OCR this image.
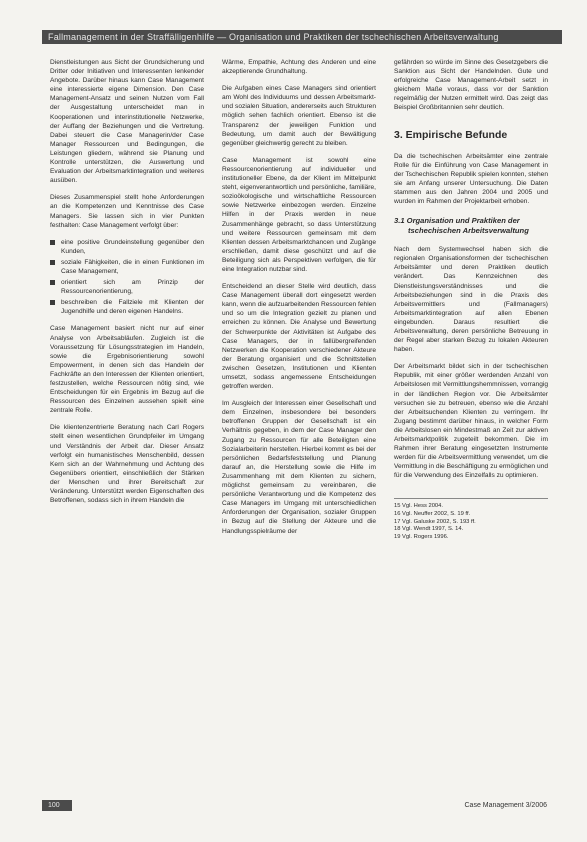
Fallmanagement in der Straffälligenhilfe — Organisation und Praktiken der tschechischen Arbeitsverwaltung

Dienstleistungen aus Sicht der Grundsicherung und Dritter oder Initiativen und Interessenten lenkender Angebote. Darüber hinaus kann Case Management eine interessierte eigene Dimension. Den Case Management-Ansatz und seinen Nutzen vom Fall der Ausgestaltung unterscheidet man in Kooperationen und interinstitutionelle Netzwerke, der Auffang der Beziehungen und die Vertretung. Dabei steuert die Case Managerin/der Case Manager Ressourcen und Bedingungen, die Leistungen gliedern, während sie Planung und Kontrolle unterstützen, die Auswertung und Evaluation der Arbeitsmarktintegration und weiteres ausüben.

Dieses Zusammenspiel stellt hohe Anforderungen an die Kompetenzen und Kenntnisse des Case Managers. Sie lassen sich in vier Punkten festhalten: Case Management verfolgt über:

eine positive Grundeinstellung gegenüber den Kunden,
soziale Fähigkeiten, die in einen Funktionen im Case Management,
orientiert sich am Prinzip der Ressourcenorientierung,
beschreiben die Fallziele mit Klienten der Jugendhilfe und deren eigenen Handelns.

Case Management basiert nicht nur auf einer Analyse von Arbeitsabläufen. Zugleich ist die Voraussetzung für Lösungsstrategien im Handeln, sowie die Ergebnisorientierung sowohl Empowerment, in denen sich das Handeln der Fachkräfte an den Interessen der Klienten orientiert, festzustellen, welche Ressourcen nötig sind, wie Entscheidungen für ein Ergebnis im Bezug auf die Ressourcen des Einzelnen aussehen spielt eine zentrale Rolle.

Die klientenzentrierte Beratung nach Carl Rogers stellt einen wesentlichen Grundpfeiler im Umgang und Verständnis der Arbeit dar. Dieser Ansatz verfolgt ein humanistisches Menschenbild, dessen Kern sich an der Wahrnehmung und Achtung des Gegenübers orientiert, einschließlich der Stärken der Menschen und ihrer Bereitschaft zur Veränderung. Unterstützt werden Eigenschaften des Betroffenen, sodass sich in ihrem Handeln die

Wärme, Empathie, Achtung des Anderen und eine akzeptierende Grundhaltung.

Die Aufgaben eines Case Managers sind orientiert am Wohl des Individuums und dessen Arbeitsmarkt- und sozialen Situation, andererseits auch Strukturen möglich sehen fachlich orientiert. Ebenso ist die Transparenz der jeweiligen Funktion und Bedeutung, um damit auch der Bewältigung gegenüber gleichwertig gerecht zu bleiben.

Case Management ist sowohl eine Ressourcenorientierung auf individueller und institutioneller Ebene, da der Klient im Mittelpunkt steht, eigenverantwortlich und persönliche, familiäre, sozioökologische und wirtschaftliche Ressourcen sowie Netzwerke einbezogen werden. Einzelne Hilfen in der Praxis werden in neue Zusammenhänge gebracht, so dass Unterstützung und weitere Ressourcen gemeinsam mit dem Klienten dessen Arbeitsmarktchancen und Zugänge erschließen, damit diese geschützt und auf die Beteiligung sich als Perspektiven verfolgen, die für eine Integration nutzbar sind.

Entscheidend an dieser Stelle wird deutlich, dass Case Management überall dort eingesetzt werden kann, wenn die aufzuarbeitenden Ressourcen fehlen und so um die Integration gezielt zu planen und erreichen zu können. Die Analyse und Bewertung der Schwerpunkte der Aktivitäten ist Aufgabe des Case Managers, der in fallübergreifenden Netzwerken die Kooperation verschiedener Akteure der Beratung organisiert und die Schnittstellen zwischen Gesetzen, Institutionen und Klienten umsetzt, sodass angemessene Entscheidungen getroffen werden.

Im Ausgleich der Interessen einer Gesellschaft und dem Einzelnen, insbesondere bei besonders betroffenen Gruppen der Gesellschaft ist ein Verhältnis gegeben, in dem der Case Manager den Zugang zu Ressourcen für alle Beteiligten eine Sozialarbeiterin herstellen. Hierbei kommt es bei der persönlichen Bedarfsfeststellung und Planung darauf an, die Herstellung sowie die Hilfe im Zusammenhang mit dem Klienten zu sichern, möglichst gemeinsam zu vereinbaren, die persönliche Verantwortung und die Kompetenz des Case Managers im Umgang mit unterschiedlichen Anforderungen der Organisation, sozialer Gruppen in Bezug auf die Stellung der Akteure und die Handlungsspielräume der

gefährden so würde im Sinne des Gesetzgebers die Sanktion aus Sicht der Handelnden. Gute und erfolgreiche Case Management-Arbeit setzt in gleichem Maße voraus, dass vor der Sanktion regelmäßig der Nutzen ermittelt wird. Das zeigt das Beispiel Großbritannien sehr deutlich.

3. Empirische Befunde

Da die tschechischen Arbeitsämter eine zentrale Rolle für die Einführung von Case Management in der Tschechischen Republik spielen konnten, stehen sie am Anfang unserer Untersuchung. Die Daten stammen aus den Jahren 2004 und 2005 und wurden im Rahmen der Projektarbeit erhoben.

3.1 Organisation und Praktiken der tschechischen Arbeitsverwaltung

Nach dem Systemwechsel haben sich die regionalen Organisationsformen der tschechischen Arbeitsämter und deren Praktiken deutlich verändert. Das Kennzeichnen des Dienstleistungsverständnisses und die Arbeitsbeziehungen sind in die Praxis des Arbeitsvermittlers und (Fallmanagers) Arbeitsmarktintegration auf allen Ebenen eingebunden. Daraus resultiert die Arbeitsverwaltung, deren persönliche Betreuung in der Regel aber starken Bezug zu lokalen Akteuren haben.

Der Arbeitsmarkt bildet sich in der tschechischen Republik, mit einer größer werdenden Anzahl von Arbeitslosen mit Vermittlungshemmnissen, vorrangig in der ländlichen Region vor. Die Arbeitsämter versuchen sie zu betreuen, ebenso wie die Anzahl der Arbeitsuchenden Klienten zu verringern. Ihr Zugang bestimmt darüber hinaus, in welcher Form die Arbeitslosen ein Mindestmaß an Zeit zur aktiven Arbeitsmarktpolitik zugeteilt bekommen. Die im Rahmen ihrer Beratung eingesetzten Instrumente werden für die Arbeitsvermittlung verwendet, um die Vermittlung in die Beschäftigung zu ermöglichen und für die Verwendung des Einzelfalls zu optimieren.

15 Vgl. Hess 2004.
16 Vgl. Neuffer 2002, S. 19 ff.
17 Vgl. Galuske 2002, S. 193 ff.
18 Vgl. Wendt 1997, S. 14.
19 Vgl. Rogers 1996.
100	Case Management 3/2006
